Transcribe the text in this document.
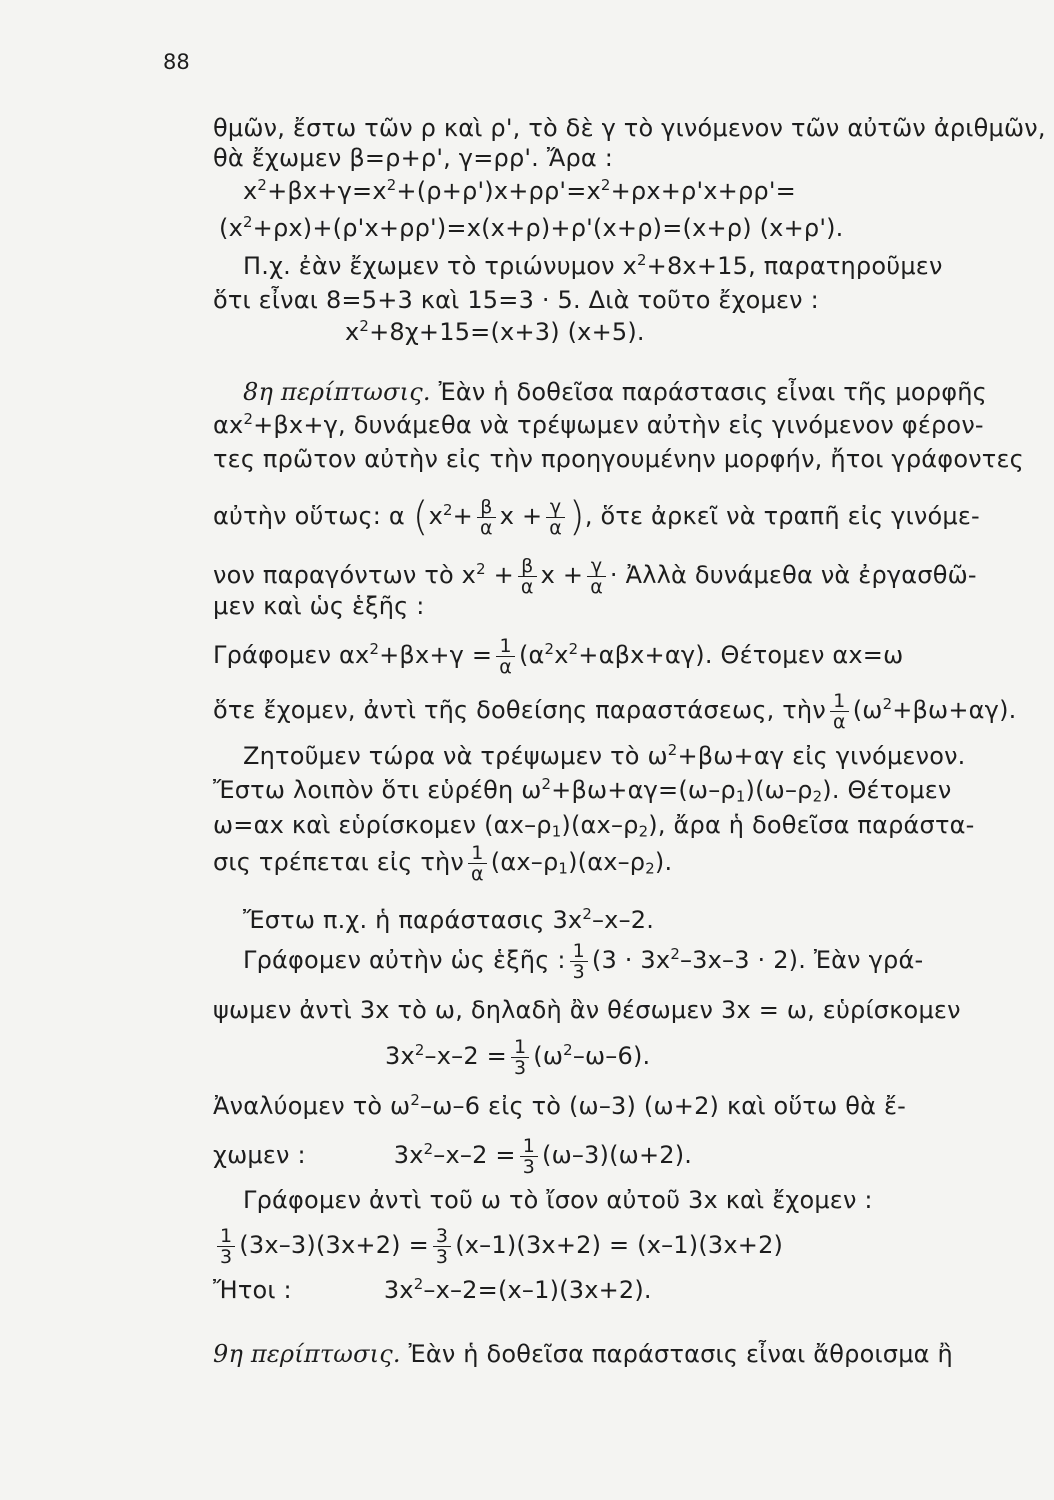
88
θμῶν, ἔστω τῶν ρ καὶ ρ', τὸ δὲ γ τὸ γινόμενον τῶν αὐτῶν ἀριθμῶν,
θὰ ἔχωμεν β=ρ+ρ', γ=ρρ'. Ἄρα :
$x^2+\beta x+\gamma=x^2+(\rho+\rho')x+\rho\rho'=x^2+\rho x+\rho'x+\rho\rho'=$
$(x^2+\rho x)+(\rho'x+\rho\rho')=x(x+\rho)+\rho'(x+\rho)=(x+\rho)$ (x+ρ').
Π.χ. ἐὰν ἔχωμεν τὸ τριώνυμον $x^2+8x+15$, παρατηροῦμεν
ὅτι εἶναι 8=5+3 καὶ 15=3 · 5. Διὰ τοῦτο ἔχομεν :
$x^2+8\chi+15=(x+3)$ (x+5).
8η περίπτωσις. Ἐὰν ἡ δοθεῖσα παράστασις εἶναι τῆς μορφῆς
$\alpha x^2+\beta x+\gamma$, δυνάμεθα νὰ τρέψωμεν αὐτὴν εἰς γινόμενον φέρον-
τες πρῶτον αὐτὴν εἰς τὴν προηγουμένην μορφήν, ἤτοι γράφοντες
αὐτὴν οὕτως: α ($x^2+ \frac{\beta}{\alpha}$ $x + \frac{\gamma}{\alpha}$ ), ὅτε ἀρκεῖ νὰ τραπῆ εἰς γινόμε-
νον παραγόντων τὸ $x^2 + \frac{\beta}{\alpha}$ $x + \frac{\gamma}{\alpha}$ · Ἀλλὰ δυνάμεθα νὰ ἐργασθῶ-
μεν καὶ ὡς ἑξῆς :
Γράφομεν $\alpha x^2+\beta x+\gamma = \frac{1}{\alpha} (\alpha^2x^2+\alpha\beta x+\alpha\gamma)$. Θέτομεν αx=ω
ὅτε ἔχομεν, ἀντὶ τῆς δοθείσης παραστάσεως, τὴν $\frac{1}{\alpha} (\omega^2+\beta\omega+\alpha\gamma)$.
Ζητοῦμεν τώρα νὰ τρέψωμεν τὸ $\omega^2+\beta\omega+\alpha\gamma$ εἰς γινόμενον.
Ἔστω λοιπὸν ὅτι εὑρέθη $\omega^2+\beta\omega+\alpha\gamma=(\omega-\rho_1)(\omega-\rho_2)$. Θέτομεν
ω=αx καὶ εὑρίσκομεν $(\alpha x-\rho_1)(\alpha x-\rho_2)$, ἄρα ἡ δοθεῖσα παράστα-
σις τρέπεται εἰς τὴν $\frac{1}{\alpha} (\alpha x-\rho_1)(\alpha x-\rho_2)$.
Ἔστω π.χ. ἡ παράστασις $3x^2-x-2$.
Γράφομεν αὐτὴν ὡς ἑξῆς : $\frac{1}{3} (3 \cdot 3x^2-3x-3 \cdot 2)$. Ἐὰν γρά-
ψωμεν ἀντὶ 3x τὸ ω, δηλαδὴ ἂν θέσωμεν 3x = ω, εὑρίσκομεν
$3x^2-x-2 = \frac{1}{3} (\omega^2-\omega-6)$.
Ἀναλύομεν τὸ $\omega^2-\omega-6$ εἰς τὸ (ω–3) (ω+2) καὶ οὕτω θὰ ἔ-
χωμεν :	$3x^2-x-2 = \frac{1}{3} (\omega-3)(\omega+2)$.
Γράφομεν ἀντὶ τοῦ ω τὸ ἴσον αὐτοῦ 3x καὶ ἔχομεν :
$\frac{1}{3} (3x-3)(3x+2) = \frac{3}{3} (x-1)(3x+2) = (x-1)(3x+2)$
Ἤτοι :	$3x^2-x-2=(x-1)(3x+2)$.
9η περίπτωσις. Ἐὰν ἡ δοθεῖσα παράστασις εἶναι ἄθροισμα ἢ
